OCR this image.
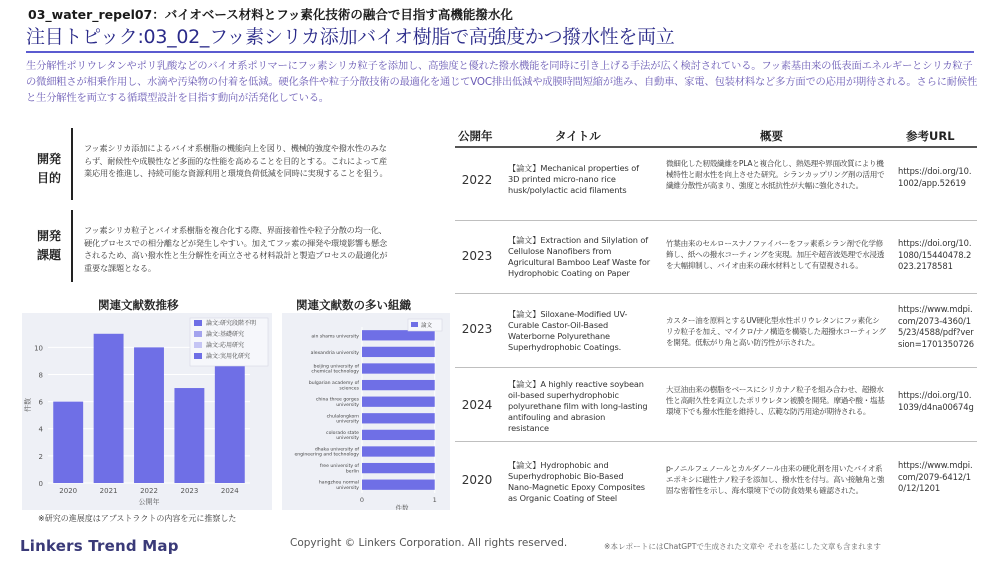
03_water_repel07：バイオベース材料とフッ素化技術の融合で目指す高機能撥水化
注目トピック:03_02_フッ素シリカ添加バイオ樹脂で高強度かつ撥水性を両立
生分解性ポリウレタンやポリ乳酸などのバイオ系ポリマーにフッ素シリカ粒子を添加し、高強度と優れた撥水機能を同時に引き上げる手法が広く検討されている。フッ素基由来の低表面エネルギーとシリカ粒子の微細粗さが相乗作用し、水滴や汚染物の付着を低減。硬化条件や粒子分散技術の最適化を通じてVOC排出低減や成膜時間短縮が進み、自動車、家電、包装材料など多方面での応用が期待される。さらに耐候性と生分解性を両立する循環型設計を目指す動向が活発化している。
開発
目的
フッ素シリカ添加によるバイオ系樹脂の機能向上を図り、機械的強度や撥水性のみならず、耐候性や成膜性など多面的な性能を高めることを目的とする。これによって産業応用を推進し、持続可能な資源利用と環境負荷低減を同時に実現することを狙う。
開発
課題
フッ素シリカ粒子とバイオ系樹脂を複合化する際、界面接着性や粒子分散の均一化、硬化プロセスでの相分離などが発生しやすい。加えてフッ素の揮発や環境影響も懸念されるため、高い撥水性と生分解性を両立させる材料設計と製造プロセスの最適化が重要な課題となる。
関連文献数推移
0
2
4
6
8
10
2020	2021	2022	2023	2024
公開年
件数
論文:研究段階不明
論文:基礎研究
論文:応用研究
論文:実用化研究
関連文献数の多い組織
0	1
ain shams university
alexandria university
beijing university of chemical technology
bulgarian academy of sciences
china three gorges university
chulalongkorn university
colorado state university
dhaka university of engineering and technology
free university of berlin
hangzhou normal university
件数
論文
公開年	タイトル	概要	参考URL
2022
【論文】Mechanical properties of 3D printed micro-nano rice husk/polylactic acid filaments
微細化した籾殻繊維をPLAと複合化し、熱処理や界面改質により機械特性と耐水性を向上させた研究。シランカップリング剤の活用で繊維分散性が高まり、強度と水抵抗性が大幅に強化された。
https://doi.org/10.1002/app.52619
2023
【論文】Extraction and Silylation of Cellulose Nanofibers from Agricultural Bamboo Leaf Waste for Hydrophobic Coating on Paper
竹葉由来のセルロースナノファイバーをフッ素系シラン剤で化学修飾し、紙への撥水コーティングを実現。加圧や超音波処理で水浸透を大幅抑制し、バイオ由来の疎水材料として有望視される。
https://doi.org/10.1080/15440478.2023.2178581
2023
【論文】Siloxane-Modified UV-Curable Castor-Oil-Based Waterborne Polyurethane Superhydrophobic Coatings.
カスター油を原料とするUV硬化型水性ポリウレタンにフッ素化シリカ粒子を加え、マイクロ/ナノ構造を構築した超撥水コーティングを開発。低転がり角と高い防汚性が示された。
https://www.mdpi.com/2073-4360/15/23/4588/pdf?version=1701350726
2024
【論文】A highly reactive soybean oil-based superhydrophobic polyurethane film with long-lasting antifouling and abrasion resistance
大豆油由来の樹脂をベースにシリカナノ粒子を組み合わせ、超撥水性と高耐久性を両立したポリウレタン被膜を開発。摩過や酸・塩基環境下でも撥水性能を維持し、広範な防汚用途が期待される。
https://doi.org/10.1039/d4na00674g
2020
【論文】Hydrophobic and Superhydrophobic Bio-Based Nano-Magnetic Epoxy Composites as Organic Coating of Steel
p-ノニルフェノールとカルダノール由来の硬化剤を用いたバイオ系エポキシに磁性ナノ粒子を添加し、撥水性を付与。高い接触角と強固な密着性を示し、海水環境下での防食効果も確認された。
https://www.mdpi.com/2079-6412/10/12/1201
※研究の進展度はアブストラクトの内容を元に推察した
Linkers Trend Map	Copyright © Linkers Corporation. All rights reserved.	※本レポートにはChatGPTで生成された文章や それを基にした文章も含まれます
